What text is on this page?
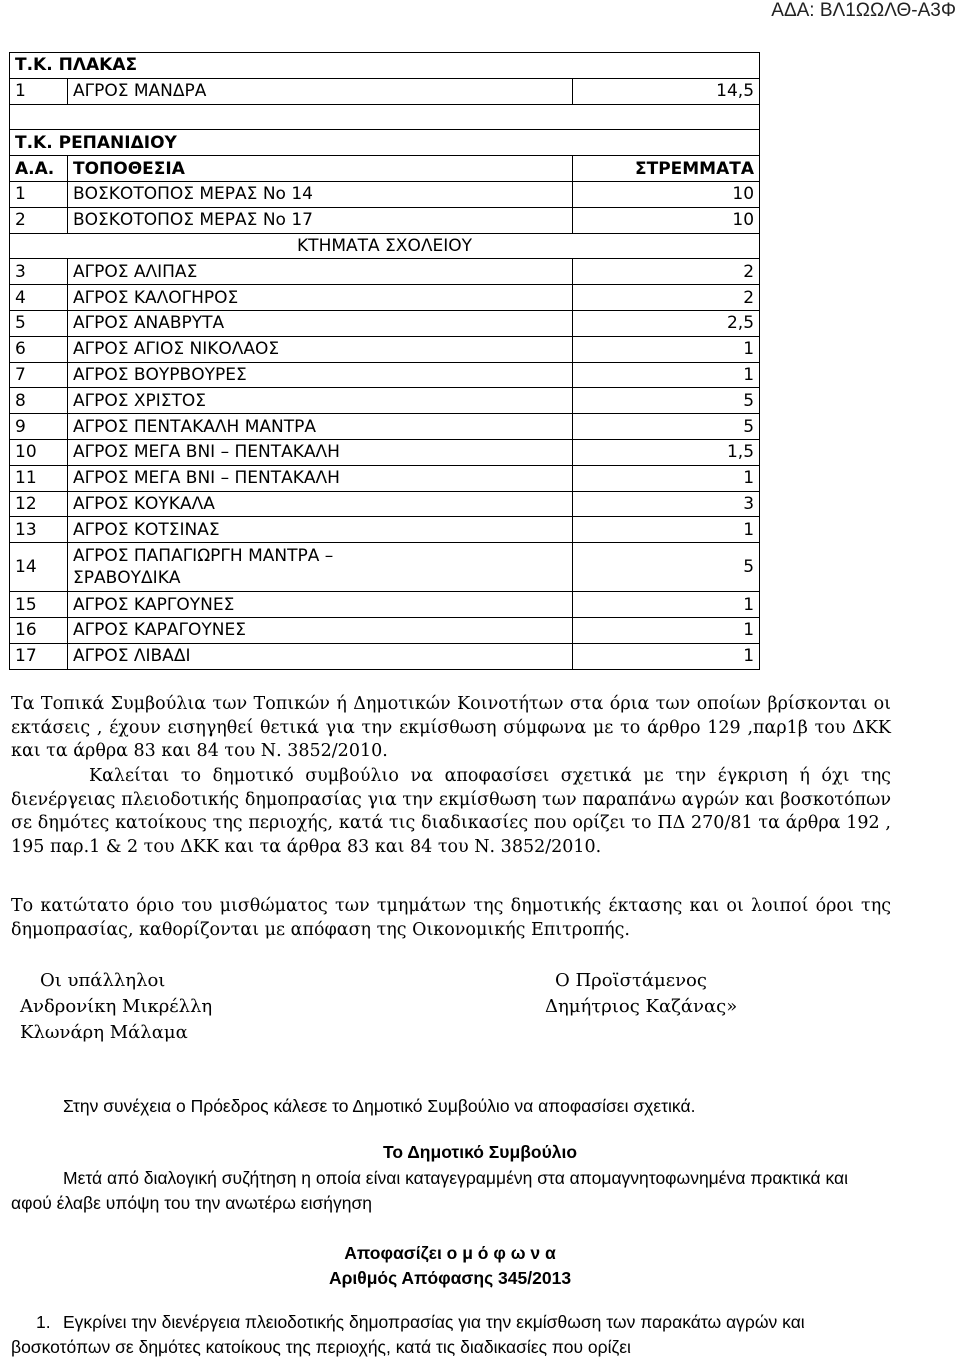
ΑΔΑ: ΒΛ1ΩΩΛΘ-Α3Φ
Τ.Κ. ΠΛΑΚΑΣ		
1	ΑΓΡΟΣ ΜΑΝΔΡΑ	14,5

Τ.Κ. ΡΕΠΑΝΙΔΙΟΥ		
Α.Α.	ΤΟΠΟΘΕΣΙΑ	ΣΤΡΕΜΜΑΤΑ
1	ΒΟΣΚΟΤΟΠΟΣ ΜΕΡΑΣ No 14	10
2	ΒΟΣΚΟΤΟΠΟΣ ΜΕΡΑΣ No 17	10
ΚΤΗΜΑΤΑ ΣΧΟΛΕΙΟΥ		
3	ΑΓΡΟΣ ΑΛΙΠΑΣ	2
4	ΑΓΡΟΣ ΚΑΛΟΓΗΡΟΣ	2
5	ΑΓΡΟΣ ΑΝΑΒΡΥΤΑ	2,5
6	ΑΓΡΟΣ ΑΓΙΟΣ ΝΙΚΟΛΑΟΣ	1
7	ΑΓΡΟΣ ΒΟΥΡΒΟΥΡΕΣ	1
8	ΑΓΡΟΣ ΧΡΙΣΤΟΣ	5
9	ΑΓΡΟΣ ΠΕΝΤΑΚΑΛΗ ΜΑΝΤΡΑ	5
10	ΑΓΡΟΣ ΜΕΓΑ ΒΝΙ – ΠΕΝΤΑΚΑΛΗ	1,5
11	ΑΓΡΟΣ ΜΕΓΑ ΒΝΙ – ΠΕΝΤΑΚΑΛΗ	1
12	ΑΓΡΟΣ ΚΟΥΚΑΛΑ	3
13	ΑΓΡΟΣ ΚΟΤΣΙΝΑΣ	1
14	ΑΓΡΟΣ ΠΑΠΑΓΙΩΡΓΗ ΜΑΝΤΡΑ –
ΣΡΑΒΟΥΔΙΚΑ	5
15	ΑΓΡΟΣ ΚΑΡΓΟΥΝΕΣ	1
16	ΑΓΡΟΣ ΚΑΡΑΓΟΥΝΕΣ	1
17	ΑΓΡΟΣ ΛΙΒΑΔΙ	1

Τα Τοπικά Συμβούλια των Τοπικών ή Δημοτικών Κοινοτήτων στα όρια των οποίων βρίσκονται οι εκτάσεις , έχουν εισηγηθεί θετικά για την εκμίσθωση σύμφωνα με το άρθρο 129 ,παρ1β του ΔΚΚ και τα άρθρα 83 και 84 του Ν. 3852/2010.

Καλείται το δημοτικό συμβούλιο να αποφασίσει σχετικά με την έγκριση ή όχι της διενέργειας πλειοδοτικής δημοπρασίας για την εκμίσθωση των παραπάνω αγρών και βοσκοτόπων σε δημότες κατοίκους της περιοχής, κατά τις διαδικασίες που ορίζει το ΠΔ 270/81 τα άρθρα 192 , 195 παρ.1 & 2 του ΔΚΚ και τα άρθρα 83 και 84 του Ν. 3852/2010.

Το κατώτατο όριο του μισθώματος των τμημάτων της δημοτικής έκτασης και οι λοιποί όροι της δημοπρασίας, καθορίζονται με απόφαση της Οικονομικής Επιτροπής.

Οι υπάλληλοι
Ανδρονίκη Μικρέλλη
Κλωνάρη Μάλαμα
Ο Προϊστάμενος
Δημήτριος Καζάνας»
Στην συνέχεια ο Πρόεδρος κάλεσε το Δημοτικό Συμβούλιο να αποφασίσει σχετικά.
Το Δημοτικό Συμβούλιο
Μετά από διαλογική συζήτηση η οποία είναι καταγεγραμμένη στα απομαγνητοφωνημένα πρακτικά και αφού έλαβε υπόψη του την ανωτέρω εισήγηση
Αποφασίζει ο μ ό φ ω ν α
Αριθμός Απόφασης 345/2013
1. Εγκρίνει την διενέργεια πλειοδοτικής δημοπρασίας για την εκμίσθωση των παρακάτω αγρών και βοσκοτόπων σε δημότες κατοίκους της περιοχής, κατά τις διαδικασίες που ορίζει
